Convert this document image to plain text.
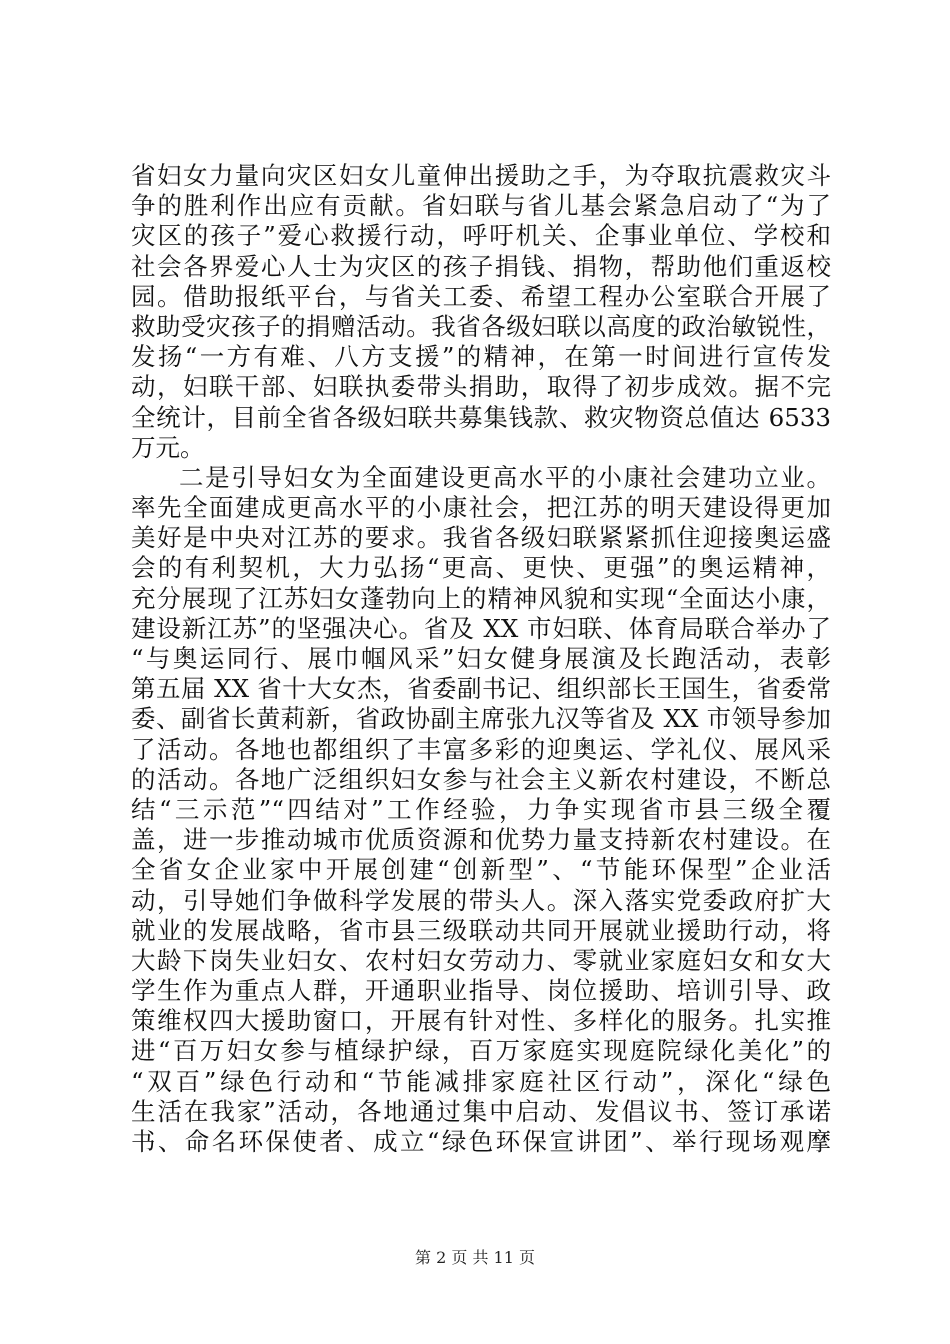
省妇女力量向灾区妇女儿童伸出援助之手，为夺取抗震救灾斗
争的胜利作出应有贡献。省妇联与省儿基会紧急启动了“为了
灾区的孩子”爱心救援行动，呼吁机关、企事业单位、学校和
社会各界爱心人士为灾区的孩子捐钱、捐物，帮助他们重返校
园。借助报纸平台，与省关工委、希望工程办公室联合开展了
救助受灾孩子的捐赠活动。我省各级妇联以高度的政治敏锐性，
发扬“一方有难、八方支援”的精神，在第一时间进行宣传发
动，妇联干部、妇联执委带头捐助，取得了初步成效。据不完
全统计，目前全省各级妇联共募集钱款、救灾物资总值达 6533
万元。
二是引导妇女为全面建设更高水平的小康社会建功立业。
率先全面建成更高水平的小康社会，把江苏的明天建设得更加
美好是中央对江苏的要求。我省各级妇联紧紧抓住迎接奥运盛
会的有利契机，大力弘扬“更高、更快、更强”的奥运精神，
充分展现了江苏妇女蓬勃向上的精神风貌和实现“全面达小康，
建设新江苏”的坚强决心。省及 XX 市妇联、体育局联合举办了
“与奥运同行、展巾帼风采”妇女健身展演及长跑活动，表彰
第五届 XX 省十大女杰，省委副书记、组织部长王国生，省委常
委、副省长黄莉新，省政协副主席张九汉等省及 XX 市领导参加
了活动。各地也都组织了丰富多彩的迎奥运、学礼仪、展风采
的活动。各地广泛组织妇女参与社会主义新农村建设，不断总
结“三示范”“四结对”工作经验，力争实现省市县三级全覆
盖，进一步推动城市优质资源和优势力量支持新农村建设。在
全省女企业家中开展创建“创新型”、“节能环保型”企业活
动，引导她们争做科学发展的带头人。深入落实党委政府扩大
就业的发展战略，省市县三级联动共同开展就业援助行动，将
大龄下岗失业妇女、农村妇女劳动力、零就业家庭妇女和女大
学生作为重点人群，开通职业指导、岗位援助、培训引导、政
策维权四大援助窗口，开展有针对性、多样化的服务。扎实推
进“百万妇女参与植绿护绿，百万家庭实现庭院绿化美化”的
“双百”绿色行动和“节能减排家庭社区行动”，深化“绿色
生活在我家”活动，各地通过集中启动、发倡议书、签订承诺
书、命名环保使者、成立“绿色环保宣讲团”、举行现场观摩
第 2 页 共 11 页
